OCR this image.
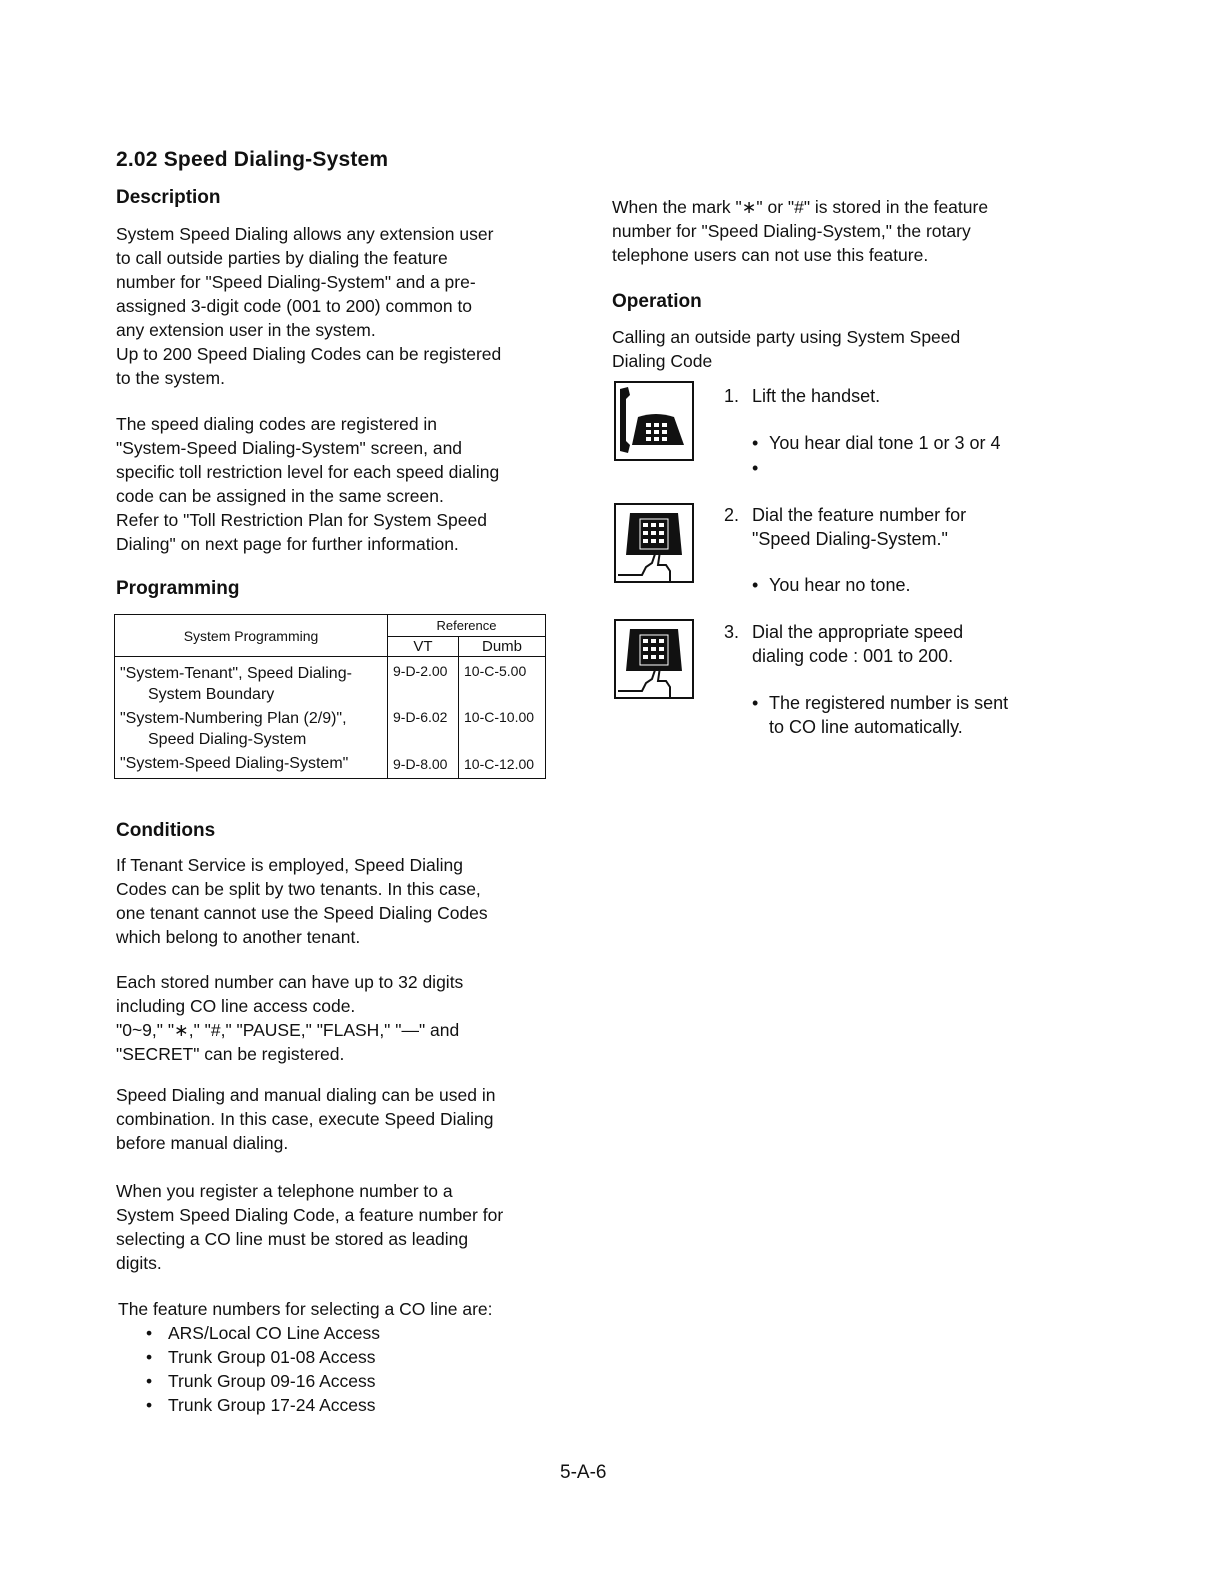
2.02 Speed Dialing-System
Description
System Speed Dialing allows any extension user
to call outside parties by dialing the feature
number for "Speed Dialing-System" and a pre-
assigned 3-digit code (001 to 200) common to
any extension user in the system.
Up to 200 Speed Dialing Codes can be registered
to the system.
The speed dialing codes are registered in
"System-Speed Dialing-System" screen, and
specific toll restriction level for each speed dialing
code can be assigned in the same screen.
Refer to "Toll Restriction Plan for System Speed
Dialing" on next page for further information.
Programming
System Programming	Reference	
	VT	Dumb

"System-Tenant", Speed Dialing-
System Boundary	9-D-2.00	10-C-5.00

"System-Numbering Plan (2/9)",
Speed Dialing-System	9-D-6.02	10-C-10.00
"System-Speed Dialing-System"	9-D-8.00	10-C-12.00
Conditions
If Tenant Service is employed, Speed Dialing
Codes can be split by two tenants. In this case,
one tenant cannot use the Speed Dialing Codes
which belong to another tenant.
Each stored number can have up to 32 digits
including CO line access code.
"0~9," "∗," "#," "PAUSE," "FLASH," "—" and
"SECRET" can be registered.
Speed Dialing and manual dialing can be used in
combination. In this case, execute Speed Dialing
before manual dialing.
When you register a telephone number to a
System Speed Dialing Code, a feature number for
selecting a CO line must be stored as leading
digits.
The feature numbers for selecting a CO line are:
• ARS/Local CO Line Access
• Trunk Group 01-08 Access
• Trunk Group 09-16 Access
• Trunk Group 17-24 Access
When the mark "∗" or "#" is stored in the feature
number for "Speed Dialing-System," the rotary
telephone users can not use this feature.
Operation
Calling an outside party using System Speed
Dialing Code
1. Lift the handset.
• You hear dial tone 1 or 3 or 4
•
2. Dial the feature number for
"Speed Dialing-System."
• You hear no tone.
3. Dial the appropriate speed
dialing code : 001 to 200.
• The registered number is sent
to CO line automatically.
5-A-6
